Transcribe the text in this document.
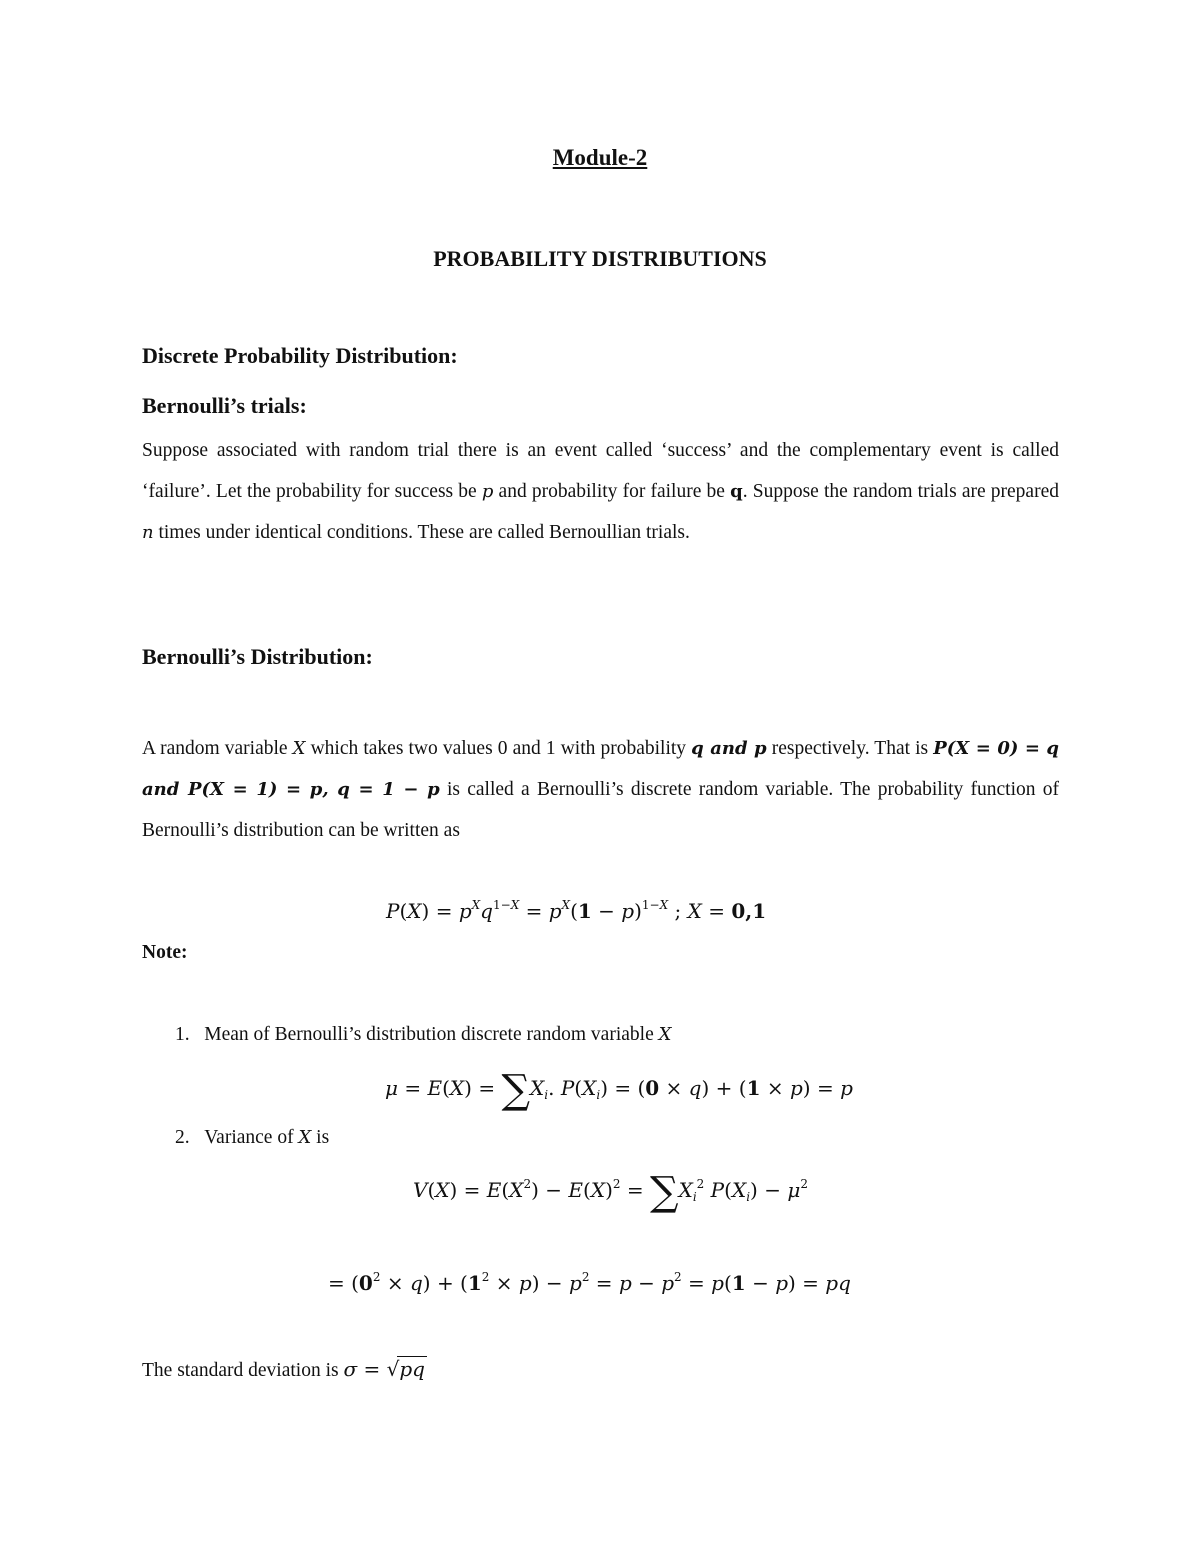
Module-2
PROBABILITY DISTRIBUTIONS
Discrete Probability Distribution:
Bernoulli’s trials:
Suppose associated with random trial there is an event called ‘success’ and the complementary event is called ‘failure’. Let the probability for success be p and probability for failure be q. Suppose the random trials are prepared n times under identical conditions. These are called Bernoullian trials.
Bernoulli’s Distribution:
A random variable X which takes two values 0 and 1 with probability q and p respectively. That is P(X = 0) = q and P(X = 1) = p, q = 1 − p is called a Bernoulli’s discrete random variable. The probability function of Bernoulli’s distribution can be written as
$P(X) = p^Xq^{1-X} = p^X(1 - p)^{1-X}$ ; X = 0,1
Note:
1. Mean of Bernoulli’s distribution discrete random variable X
$\mu = E(X) = \sum X_i$. $P(X_i) = (0 \times q) + (1 \times p) = p$
2. Variance of X is
$V(X) = E(X^2) - E(X)^2 = \sum X_i^2$ $P(X_i) - \mu^2$
= $(0^2 \times q) + (1^2 \times p) - p^2 = p - p^2 = p(1 - p)$ = pq
The standard deviation is σ = √pq
